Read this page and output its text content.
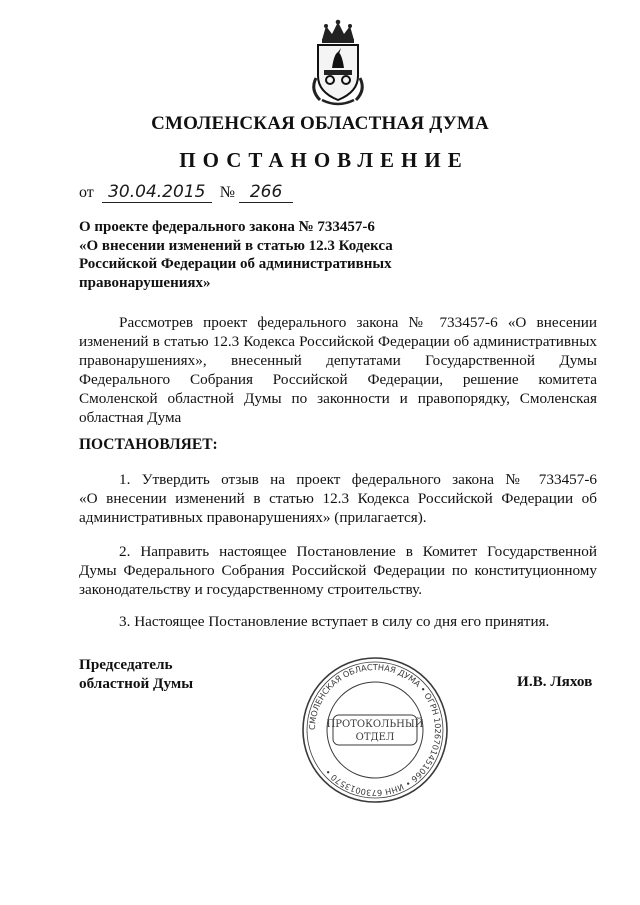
СМОЛЕНСКАЯ ОБЛАСТНАЯ ДУМА
ПОСТАНОВЛЕНИЕ
от 30.04.2015 № 266
О проекте федерального закона № 733457-6
«О внесении изменений в статью 12.3 Кодекса
Российской Федерации об административных
правонарушениях»
Рассмотрев проект федерального закона № 733457-6 «О внесении
изменений в статью 12.3 Кодекса Российской Федерации об административных
правонарушениях», внесенный депутатами Государственной Думы
Федерального Собрания Российской Федерации, решение комитета
Смоленской областной Думы по законности и правопорядку, Смоленская
областная Дума
ПОСТАНОВЛЯЕТ:
1. Утвердить отзыв на проект федерального закона № 733457-6
«О внесении изменений в статью 12.3 Кодекса Российской Федерации об
административных правонарушениях» (прилагается).
2. Направить настоящее Постановление в Комитет Государственной
Думы Федерального Собрания Российской Федерации по конституционному
законодательству и государственному строительству.
3. Настоящее Постановление вступает в силу со дня его принятия.
Председатель
областной Думы	И.В. Ляхов
СМОЛЕНСКАЯ ОБЛАСТНАЯ ДУМА • ОГРН 1026701451066 • ИНН 6730013570 •
ПРОТОКОЛЬНЫЙ
ОТДЕЛ
